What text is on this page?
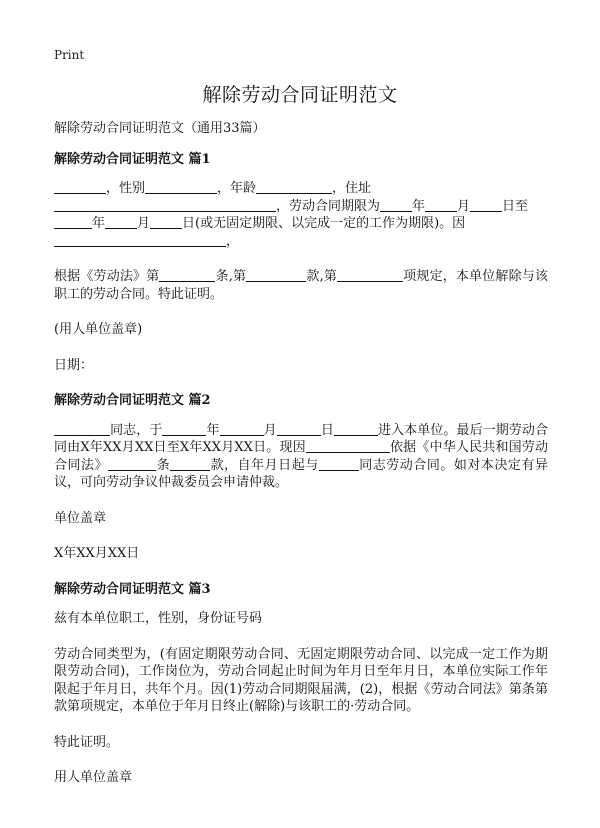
Print
解除劳动合同证明范文

解除劳动合同证明范文（通用33篇）

解除劳动合同证明范文 篇1

，性别	，年龄	，住址

，劳动合同期限为 年 月 日至

年 月 日(或无固定期限、以完成一定的工作为期限)。因

，

根据《劳动法》第	条,第	款,第	项规定，本单位解除与该职工的劳动合同。特此证明。

(用人单位盖章)

日期：

解除劳动合同证明范文 篇2

同志，于	年	月	日	进入本单位。最后一期劳动合同由X年XX月XX日至X年XX月XX日。现因	依据《中华人民共和国劳动合同法》	条	款，自年月日起与	同志劳动合同。如对本决定有异议，可向劳动争议仲裁委员会申请仲裁。

单位盖章

X年XX月XX日

解除劳动合同证明范文 篇3

兹有本单位职工，性别，身份证号码

劳动合同类型为，(有固定期限劳动合同、无固定期限劳动合同、以完成一定工作为期限劳动合同)，工作岗位为，劳动合同起止时间为年月日至年月日，本单位实际工作年限起于年月日，共年个月。因(1)劳动合同期限届满，(2)，根据《劳动合同法》第条第款第项规定，本单位于年月日终止(解除)与该职工的·劳动合同。

特此证明。

用人单位盖章
